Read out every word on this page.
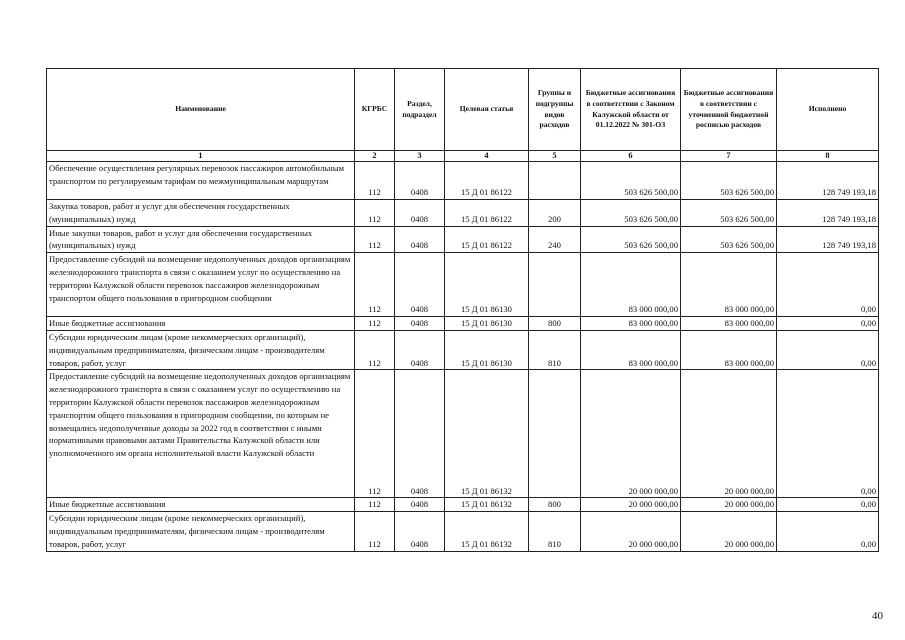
Наименование	КГРБС	Раздел, подраздел	Целевая статья	Группы и подгруппы видов расходов	Бюджетные ассигнования в соответствии с Законом Калужской области от 01.12.2022 № 301-ОЗ	Бюджетные ассигнования в соответствии с уточненной бюджетной росписью расходов	Исполнено
1	2	3	4	5	6	7	8
Обеспечение осуществления регулярных перевозок пассажиров автомобильным транспортом по регулируемым тарифам по межмуниципальным маршрутам	112	0408	15 Д 01 86122		503 626 500,00	503 626 500,00	128 749 193,18
Закупка товаров, работ и услуг для обеспечения государственных (муниципальных) нужд	112	0408	15 Д 01 86122	200	503 626 500,00	503 626 500,00	128 749 193,18
Иные закупки товаров, работ и услуг для обеспечения государственных (муниципальных) нужд	112	0408	15 Д 01 86122	240	503 626 500,00	503 626 500,00	128 749 193,18
Предоставление субсидий на возмещение недополученных доходов организациям железнодорожного транспорта в связи с оказанием услуг по осуществлению на территории Калужской области перевозок пассажиров железнодорожным транспортом общего пользования в пригородном сообщении	112	0408	15 Д 01 86130		83 000 000,00	83 000 000,00	0,00
Иные бюджетные ассигнования	112	0408	15 Д 01 86130	800	83 000 000,00	83 000 000,00	0,00
Субсидии юридическим лицам (кроме некоммерческих организаций), индивидуальным предпринимателям, физическим лицам - производителям товаров, работ, услуг	112	0408	15 Д 01 86130	810	83 000 000,00	83 000 000,00	0,00
Предоставление субсидий на возмещение недополученных доходов организациям железнодорожного транспорта в связи с оказанием услуг по осуществлению на территории Калужской области перевозок пассажиров железнодорожным транспортом общего пользования в пригородном сообщении, по которым не возмещались недополученные доходы за 2022 год в соответствии с иными нормативными правовыми актами Правительства Калужской области или уполномоченного им органа исполнительной власти Калужской области	112	0408	15 Д 01 86132		20 000 000,00	20 000 000,00	0,00
Иные бюджетные ассигнования	112	0408	15 Д 01 86132	800	20 000 000,00	20 000 000,00	0,00
Субсидии юридическим лицам (кроме некоммерческих организаций), индивидуальным предпринимателям, физическим лицам - производителям товаров, работ, услуг	112	0408	15 Д 01 86132	810	20 000 000,00	20 000 000,00	0,00
40
